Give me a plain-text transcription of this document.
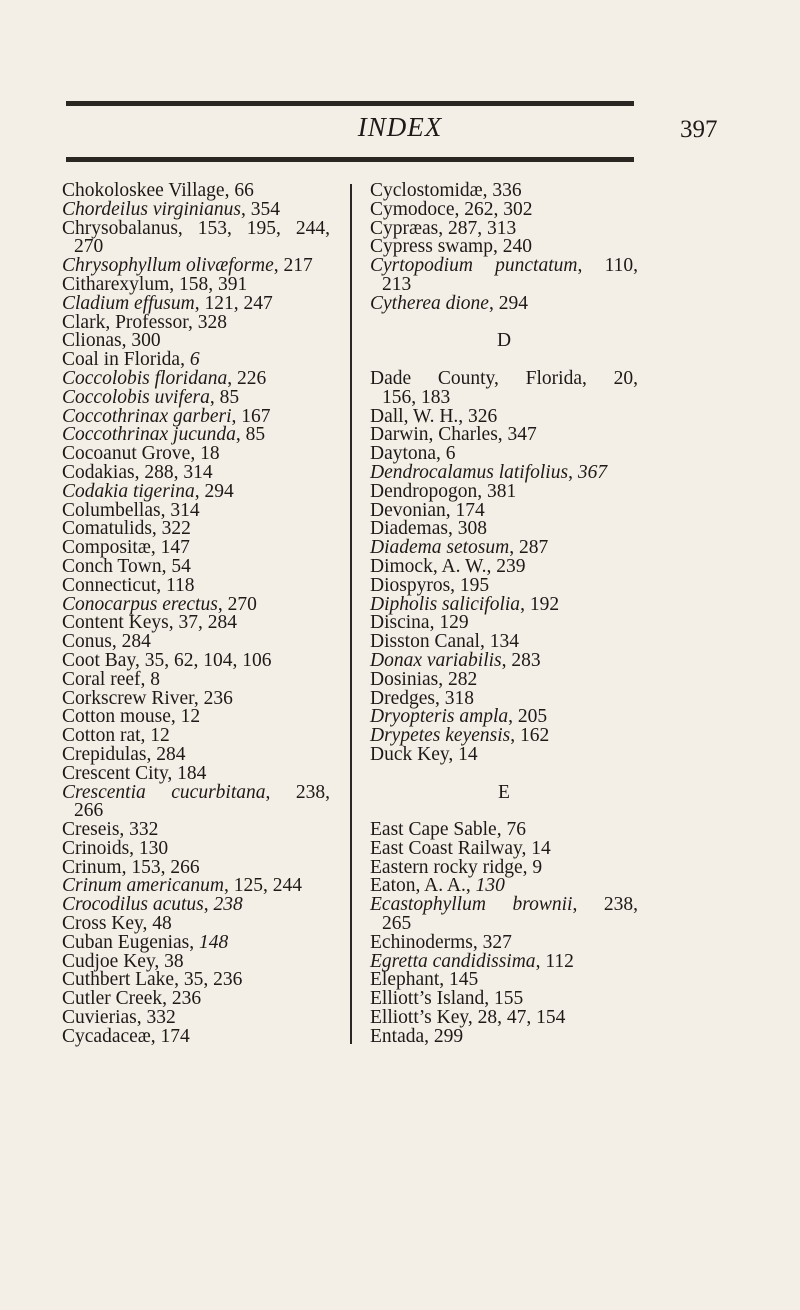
INDEX	397
Chokoloskee Village, 66
Chordeilus virginianus, 354
Chrysobalanus, 153, 195, 244,
270
Chrysophyllum olivæforme, 217
Citharexylum, 158, 391
Cladium effusum, 121, 247
Clark, Professor, 328
Clionas, 300
Coal in Florida, 6
Coccolobis floridana, 226
Coccolobis uvifera, 85
Coccothrinax garberi, 167
Coccothrinax jucunda, 85
Cocoanut Grove, 18
Codakias, 288, 314
Codakia tigerina, 294
Columbellas, 314
Comatulids, 322
Compositæ, 147
Conch Town, 54
Connecticut, 118
Conocarpus erectus, 270
Content Keys, 37, 284
Conus, 284
Coot Bay, 35, 62, 104, 106
Coral reef, 8
Corkscrew River, 236
Cotton mouse, 12
Cotton rat, 12
Crepidulas, 284
Crescent City, 184
Crescentia cucurbitana, 238,
266
Creseis, 332
Crinoids, 130
Crinum, 153, 266
Crinum americanum, 125, 244
Crocodilus acutus, 238
Cross Key, 48
Cuban Eugenias, 148
Cudjoe Key, 38
Cuthbert Lake, 35, 236
Cutler Creek, 236
Cuvierias, 332
Cycadaceæ, 174
Cyclostomidæ, 336
Cymodoce, 262, 302
Cypræas, 287, 313
Cypress swamp, 240
Cyrtopodium punctatum, 110,
213
Cytherea dione, 294
D
Dade County, Florida, 20,
156, 183
Dall, W. H., 326
Darwin, Charles, 347
Daytona, 6
Dendrocalamus latifolius, 367
Dendropogon, 381
Devonian, 174
Diademas, 308
Diadema setosum, 287
Dimock, A. W., 239
Diospyros, 195
Dipholis salicifolia, 192
Discina, 129
Disston Canal, 134
Donax variabilis, 283
Dosinias, 282
Dredges, 318
Dryopteris ampla, 205
Drypetes keyensis, 162
Duck Key, 14
E
East Cape Sable, 76
East Coast Railway, 14
Eastern rocky ridge, 9
Eaton, A. A., 130
Ecastophyllum brownii, 238,
265
Echinoderms, 327
Egretta candidissima, 112
Elephant, 145
Elliott’s Island, 155
Elliott’s Key, 28, 47, 154
Entada, 299
